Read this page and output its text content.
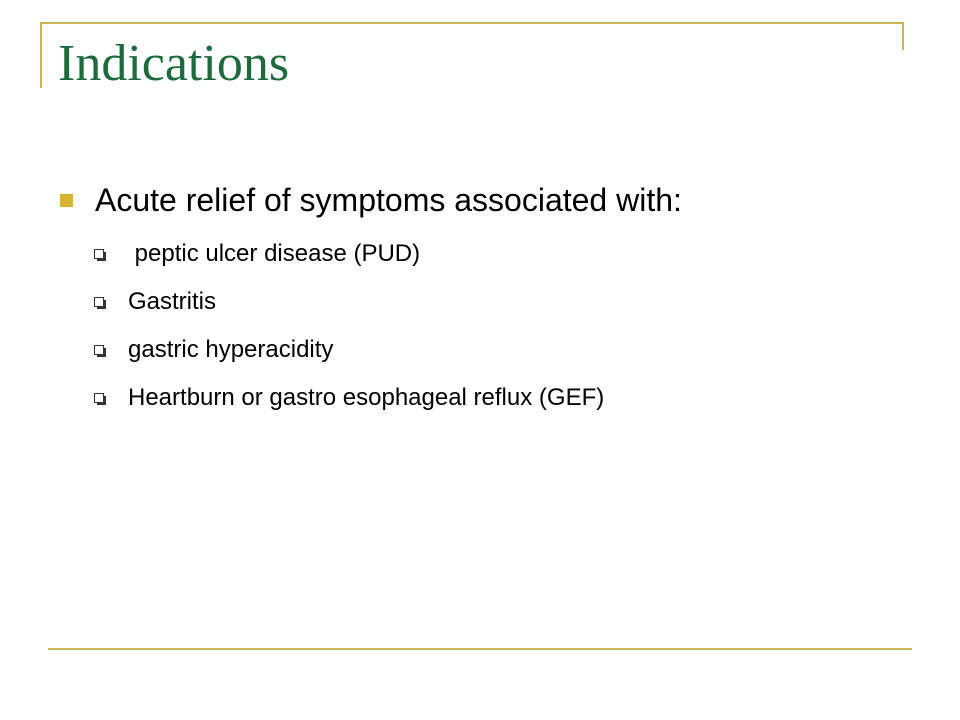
Indications
Acute relief of symptoms associated with:
peptic ulcer disease (PUD)
Gastritis
gastric hyperacidity
Heartburn or gastro esophageal reflux (GEF)
